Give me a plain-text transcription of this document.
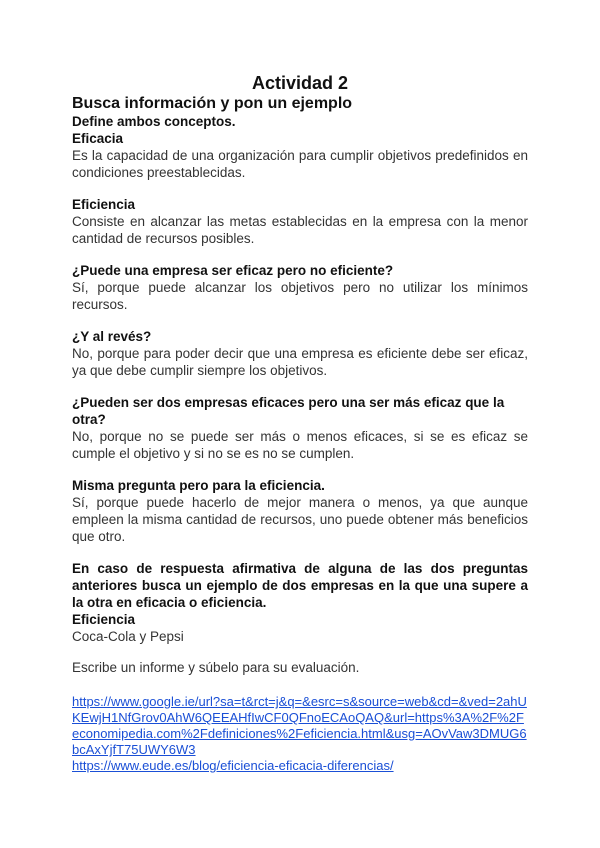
Actividad 2

Busca información y pon un ejemplo

Define ambos conceptos.

Eficacia

Es la capacidad de una organización para cumplir objetivos predefinidos en condiciones preestablecidas.

Eficiencia

Consiste en alcanzar las metas establecidas en la empresa con la menor cantidad de recursos posibles.

¿Puede una empresa ser eficaz pero no eficiente?

Sí, porque puede alcanzar los objetivos pero no utilizar los mínimos recursos.

¿Y al revés?

No, porque para poder decir que una empresa es eficiente debe ser eficaz, ya que debe cumplir siempre los objetivos.

¿Pueden ser dos empresas eficaces pero una ser más eficaz que la otra?

No, porque no se puede ser más o menos eficaces, si se es eficaz se cumple el objetivo y si no se es no se cumplen.

Misma pregunta pero para la eficiencia.

Sí, porque puede hacerlo de mejor manera o menos, ya que aunque empleen la misma cantidad de recursos, uno puede obtener más beneficios que otro.

En caso de respuesta afirmativa de alguna de las dos preguntas anteriores busca un ejemplo de dos empresas en la que una supere a la otra en eficacia o eficiencia.

Eficiencia

Coca-Cola y Pepsi

Escribe un informe y súbelo para su evaluación.

https://www.google.ie/url?sa=t&rct=j&q=&esrc=s&source=web&cd=&ved=2ahUKEwjH1NfGrov0AhW6QEEAHfIwCF0QFnoECAoQAQ&url=https%3A%2F%2Feconomipedia.com%2Fdefiniciones%2Feficiencia.html&usg=AOvVaw3DMUG6bcAxYjfT75UWY6W3
https://www.eude.es/blog/eficiencia-eficacia-diferencias/
